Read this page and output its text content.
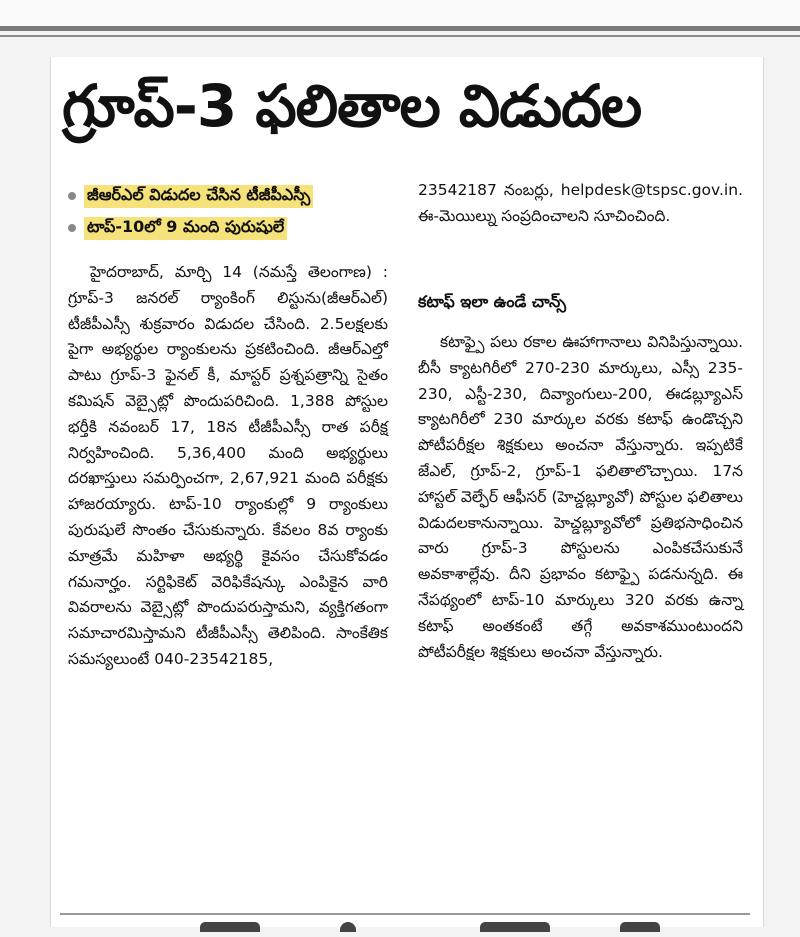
గ్రూప్-3 ఫలితాల విడుదల
జీఆర్ఎల్ విడుదల చేసిన టీజీపీఎస్సీ
టాప్-10లో 9 మంది పురుషులే

హైదరాబాద్, మార్చి 14 (నమస్తే తెలంగాణ) : గ్రూప్-3 జనరల్ ర్యాంకింగ్ లిస్టును(జీఆర్ఎల్) టీజీపీఎస్సీ శుక్రవారం విడుదల చేసింది. 2.5లక్షలకు పైగా అభ్యర్థుల ర్యాంకులను ప్రకటించింది. జీఆర్ఎల్తో పాటు గ్రూప్-3 ఫైనల్ కీ, మాస్టర్ ప్రశ్నపత్రాన్ని సైతం కమిషన్ వెబ్సైట్లో పొందుపరిచింది. 1,388 పోస్టుల భర్తీకి నవంబర్ 17, 18న టీజీపీఎస్సీ రాత పరీక్ష నిర్వహించింది. 5,36,400 మంది అభ్యర్థులు దరఖాస్తులు సమర్పించగా, 2,67,921 మంది పరీక్షకు హాజరయ్యారు. టాప్-10 ర్యాంకుల్లో 9 ర్యాంకులు పురుషులే సొంతం చేసుకున్నారు. కేవలం 8వ ర్యాంకు మాత్రమే మహిళా అభ్యర్థి కైవసం చేసుకోవడం గమనార్హం. సర్టిఫికెట్ వెరిఫికేషన్కు ఎంపికైన వారి వివరాలను వెబ్సైట్లో పొందుపరుస్తామని, వ్యక్తిగతంగా సమాచారమిస్తామని టీజీపీఎస్సీ తెలిపింది. సాంకేతిక సమస్యలుంటే 040-23542185,

23542187 నంబర్లు, helpdesk@tspsc.gov.in. ఈ-మెయిల్ను సంప్రదించాలని సూచించింది.
కటాఫ్ ఇలా ఉండే చాన్స్

కటాఫ్పై పలు రకాల ఊహాగానాలు వినిపిస్తున్నాయి. బీసీ క్యాటగిరీలో 270-230 మార్కులు, ఎస్సీ 235-230, ఎస్టీ-230, దివ్యాంగులు-200, ఈడబ్ల్యూఎస్ క్యాటగిరీలో 230 మార్కుల వరకు కటాఫ్ ఉండొచ్చని పోటీపరీక్షల శిక్షకులు అంచనా వేస్తున్నారు. ఇప్పటికే జేఎల్, గ్రూప్-2, గ్రూప్-1 ఫలితాలొచ్చాయి. 17న హాస్టల్ వెల్ఫేర్ ఆఫీసర్ (హెచ్డబ్ల్యూవో) పోస్టుల ఫలితాలు విడుదలకానున్నాయి. హెచ్డబ్ల్యూవోలో ప్రతిభసాధించిన వారు గ్రూప్-3 పోస్టులను ఎంపికచేసుకునే అవకాశాల్లేవు. దీని ప్రభావం కటాఫ్పై పడనున్నది. ఈ నేపథ్యంలో టాప్-10 మార్కులు 320 వరకు ఉన్నా కటాఫ్ అంతకంటే తగ్గే అవకాశముంటుందని పోటీపరీక్షల శిక్షకులు అంచనా వేస్తున్నారు.
